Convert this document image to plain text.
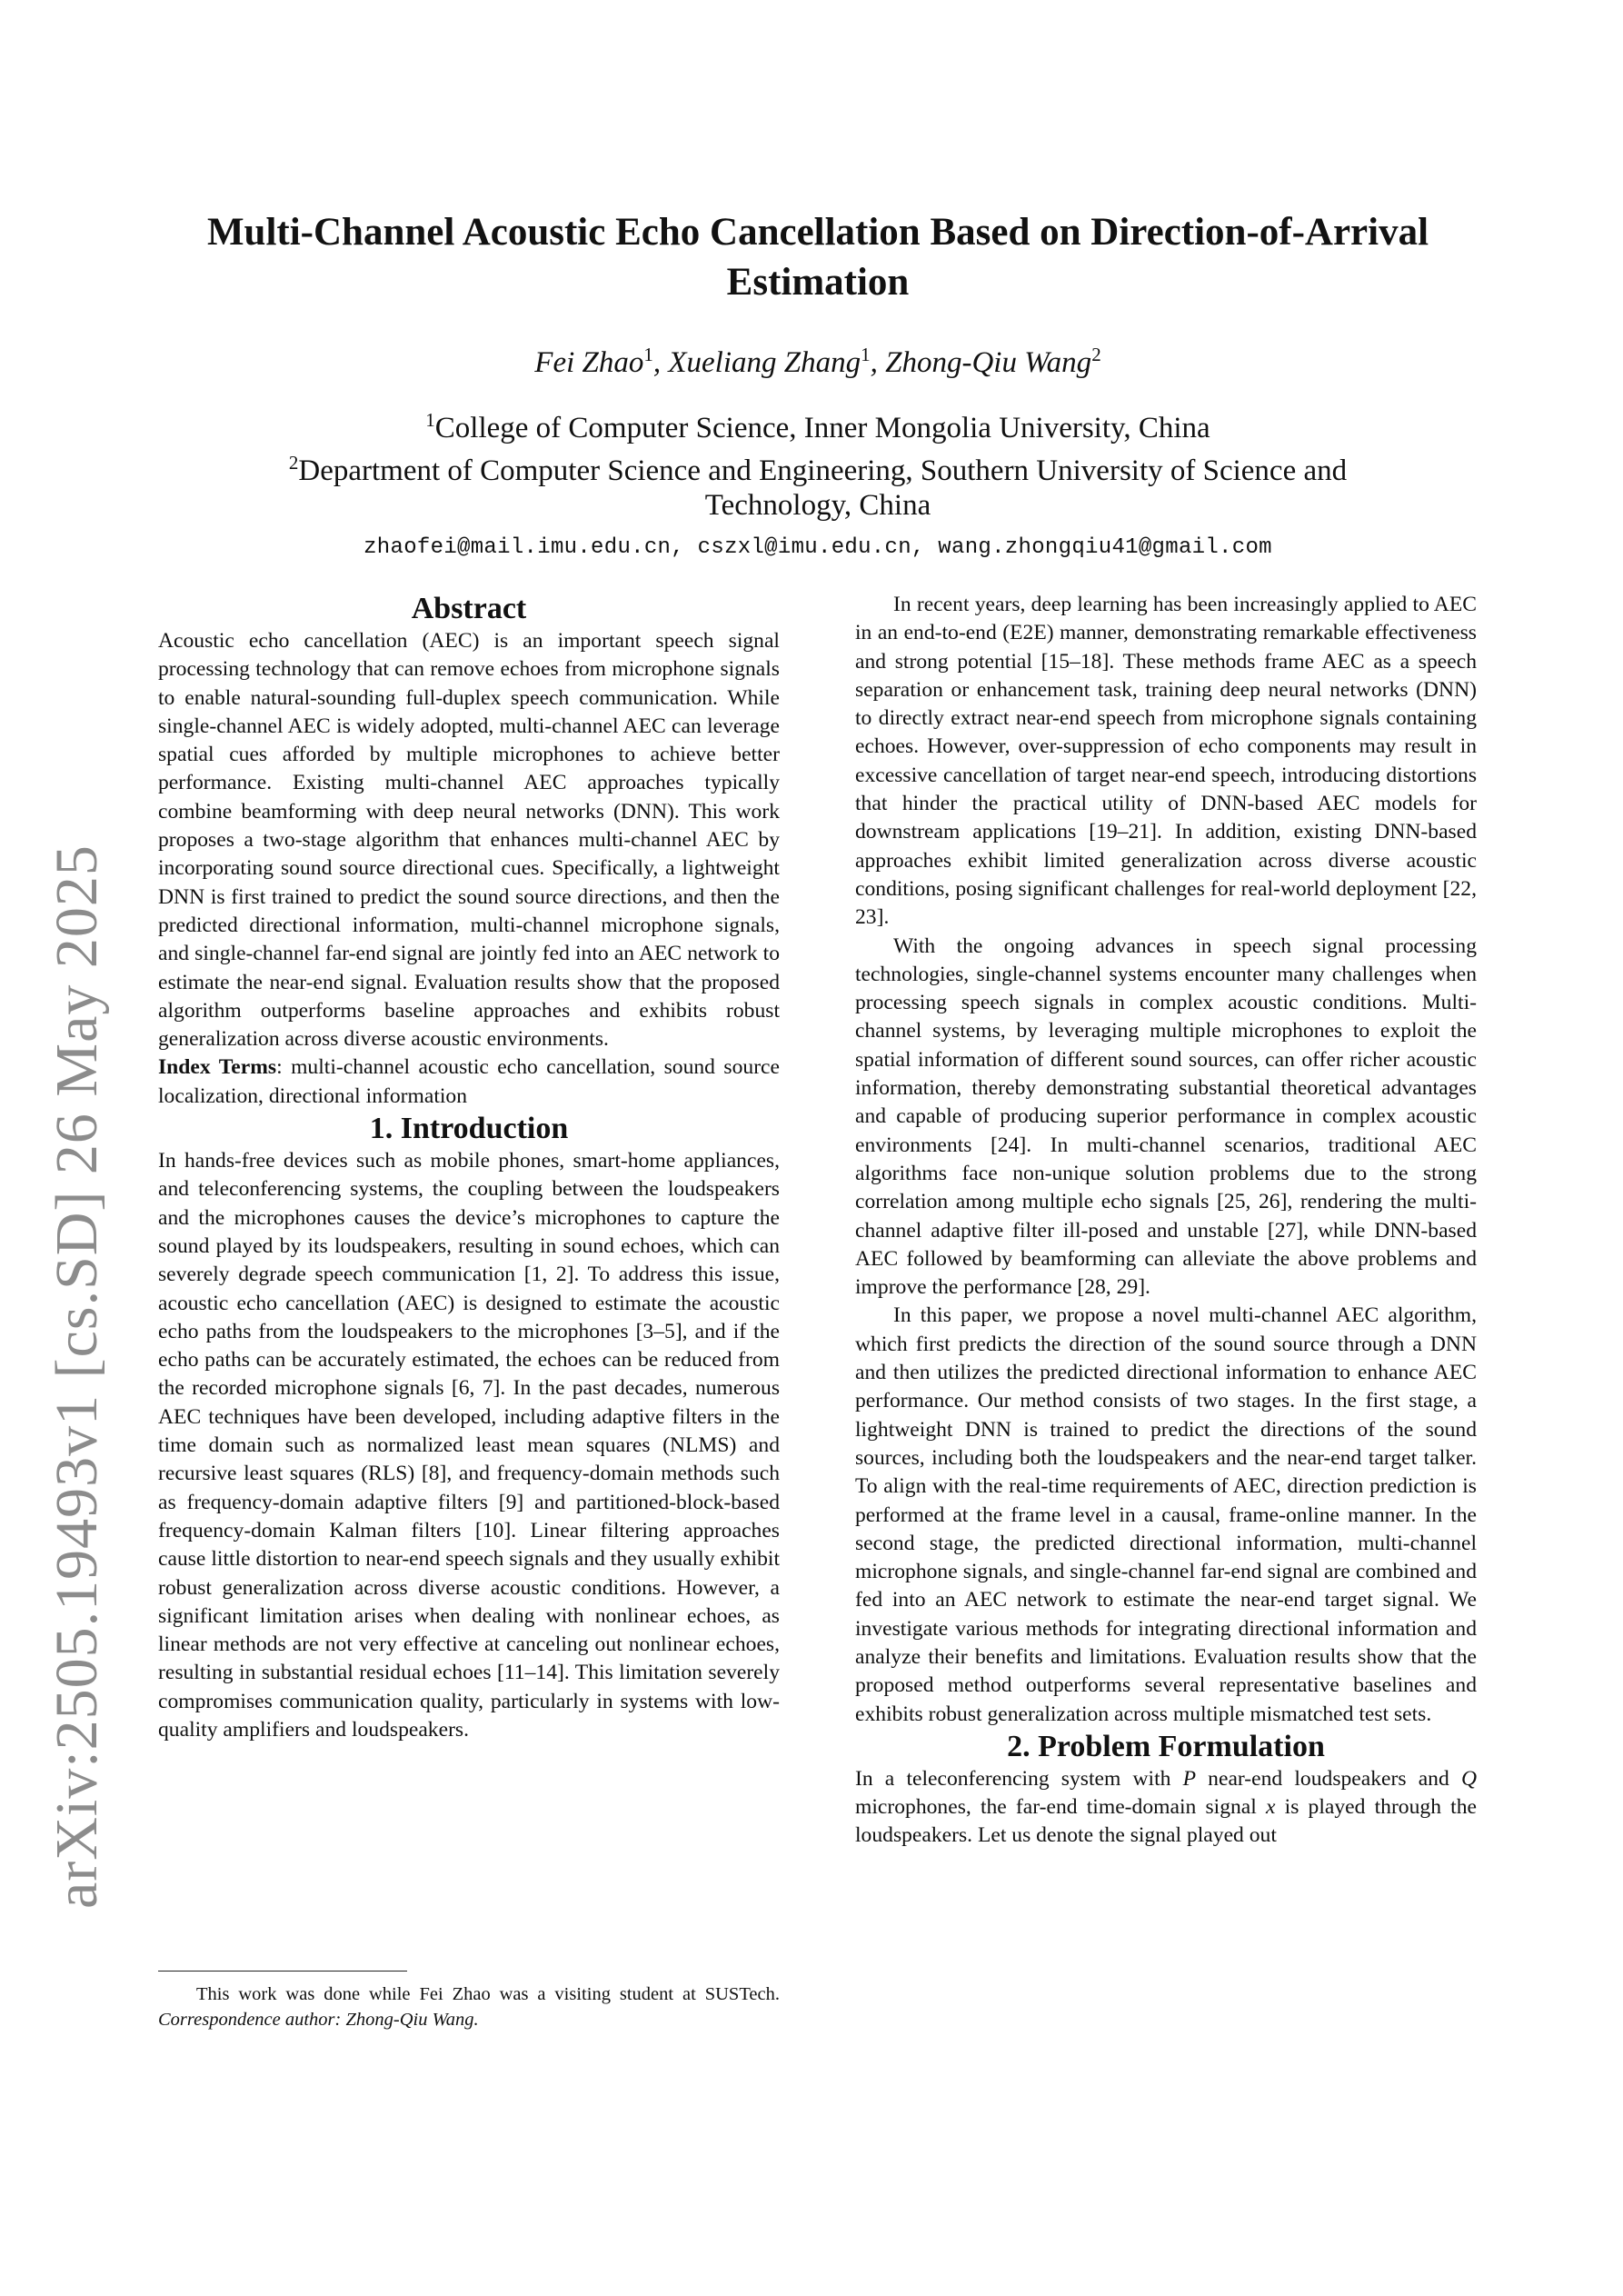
arXiv:2505.19493v1 [cs.SD] 26 May 2025
Multi-Channel Acoustic Echo Cancellation Based on Direction-of-Arrival
Estimation
Fei Zhao$^1$, Xueliang Zhang$^1$, Zhong-Qiu Wang$^2$
$^1$College of Computer Science, Inner Mongolia University, China
$^2$Department of Computer Science and Engineering, Southern University of Science and
Technology, China
zhaofei@mail.imu.edu.cn, cszxl@imu.edu.cn, wang.zhongqiu41@gmail.com
Abstract

Acoustic echo cancellation (AEC) is an important speech signal processing technology that can remove echoes from microphone signals to enable natural-sounding full-duplex speech communication. While single-channel AEC is widely adopted, multi-channel AEC can leverage spatial cues afforded by multiple microphones to achieve better performance. Existing multi-channel AEC approaches typically combine beamforming with deep neural networks (DNN). This work proposes a two-stage algorithm that enhances multi-channel AEC by incorporating sound source directional cues. Specifically, a lightweight DNN is first trained to predict the sound source directions, and then the predicted directional information, multi-channel microphone signals, and single-channel far-end signal are jointly fed into an AEC network to estimate the near-end signal. Evaluation results show that the proposed algorithm outperforms baseline approaches and exhibits robust generalization across diverse acoustic environments.

Index Terms: multi-channel acoustic echo cancellation, sound source localization, directional information

1. Introduction

In hands-free devices such as mobile phones, smart-home appliances, and teleconferencing systems, the coupling between the loudspeakers and the microphones causes the device’s microphones to capture the sound played by its loudspeakers, resulting in sound echoes, which can severely degrade speech communication [1, 2]. To address this issue, acoustic echo cancellation (AEC) is designed to estimate the acoustic echo paths from the loudspeakers to the microphones [3–5], and if the echo paths can be accurately estimated, the echoes can be reduced from the recorded microphone signals [6, 7]. In the past decades, numerous AEC techniques have been developed, including adaptive filters in the time domain such as normalized least mean squares (NLMS) and recursive least squares (RLS) [8], and frequency-domain methods such as frequency-domain adaptive filters [9] and partitioned-block-based frequency-domain Kalman filters [10]. Linear filtering approaches cause little distortion to near-end speech signals and they usually exhibit robust generalization across diverse acoustic conditions. However, a significant limitation arises when dealing with nonlinear echoes, as linear methods are not very effective at canceling out nonlinear echoes, resulting in substantial residual echoes [11–14]. This limitation severely compromises communication quality, particularly in systems with low-quality amplifiers and loudspeakers.

This work was done while Fei Zhao was a visiting student at SUSTech. Correspondence author: Zhong-Qiu Wang.

In recent years, deep learning has been increasingly applied to AEC in an end-to-end (E2E) manner, demonstrating remarkable effectiveness and strong potential [15–18]. These methods frame AEC as a speech separation or enhancement task, training deep neural networks (DNN) to directly extract near-end speech from microphone signals containing echoes. However, over-suppression of echo components may result in excessive cancellation of target near-end speech, introducing distortions that hinder the practical utility of DNN-based AEC models for downstream applications [19–21]. In addition, existing DNN-based approaches exhibit limited generalization across diverse acoustic conditions, posing significant challenges for real-world deployment [22, 23].

With the ongoing advances in speech signal processing technologies, single-channel systems encounter many challenges when processing speech signals in complex acoustic conditions. Multi-channel systems, by leveraging multiple microphones to exploit the spatial information of different sound sources, can offer richer acoustic information, thereby demonstrating substantial theoretical advantages and capable of producing superior performance in complex acoustic environments [24]. In multi-channel scenarios, traditional AEC algorithms face non-unique solution problems due to the strong correlation among multiple echo signals [25, 26], rendering the multi-channel adaptive filter ill-posed and unstable [27], while DNN-based AEC followed by beamforming can alleviate the above problems and improve the performance [28, 29].

In this paper, we propose a novel multi-channel AEC algorithm, which first predicts the direction of the sound source through a DNN and then utilizes the predicted directional information to enhance AEC performance. Our method consists of two stages. In the first stage, a lightweight DNN is trained to predict the directions of the sound sources, including both the loudspeakers and the near-end target talker. To align with the real-time requirements of AEC, direction prediction is performed at the frame level in a causal, frame-online manner. In the second stage, the predicted directional information, multi-channel microphone signals, and single-channel far-end signal are combined and fed into an AEC network to estimate the near-end target signal. We investigate various methods for integrating directional information and analyze their benefits and limitations. Evaluation results show that the proposed method outperforms several representative baselines and exhibits robust generalization across multiple mismatched test sets.

2. Problem Formulation

In a teleconferencing system with P near-end loudspeakers and Q microphones, the far-end time-domain signal x is played through the loudspeakers. Let us denote the signal played out
